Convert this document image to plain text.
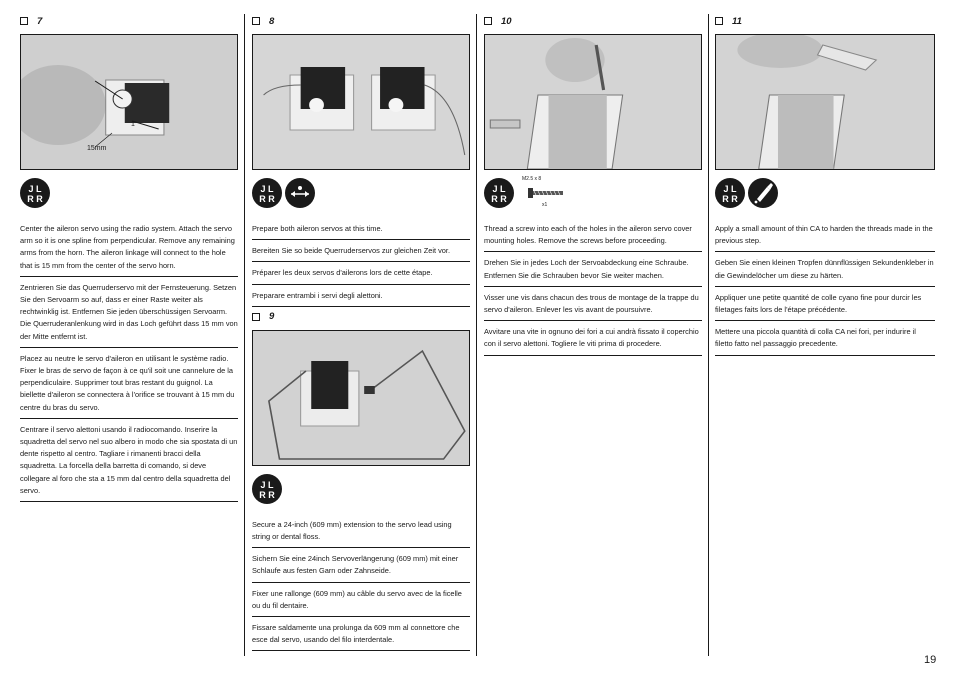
7
1
15mm
J L
R R
Center the aileron servo using the radio system. Attach the servo arm so it is one spline from perpendicular. Remove any remaining arms from the horn. The aileron linkage will connect to the hole that is 15 mm from the center of the servo horn.
Zentrieren Sie das Querruderservo mit der Fernsteuerung. Setzen Sie den Servoarm so auf, dass er einer Raste weiter als rechtwinklig ist. Entfernen Sie jeden überschüssigen Servoarm. Die Querruderanlenkung wird in das Loch geführt dass 15 mm von der Mitte entfernt ist.
Placez au neutre le servo d'aileron en utilisant le système radio. Fixer le bras de servo de façon à ce qu'il soit une cannelure de la perpendiculaire. Supprimer tout bras restant du guignol. La biellette d'aileron se connectera à l'orifice se trouvant à 15 mm du centre du bras du servo.
Centrare il servo alettoni usando il radiocomando. Inserire la squadretta del servo nel suo albero in modo che sia spostata di un dente rispetto al centro. Tagliare i rimanenti bracci della squadretta. La forcella della barretta di comando, si deve collegare al foro che sta a 15 mm dal centro della squadretta del servo.
8
J L
R R
Prepare both aileron servos at this time.
Bereiten Sie so beide Querruderservos zur gleichen Zeit vor.
Préparer les deux servos d'ailerons lors de cette étape.
Preparare entrambi i servi degli alettoni.
9
J L
R R
Secure a 24-inch (609 mm) extension to the servo lead using string or dental floss.
Sichern Sie eine 24inch Servoverlängerung (609 mm) mit einer Schlaufe aus festen Garn oder Zahnseide.
Fixer une rallonge (609 mm) au câble du servo avec de la ficelle ou du fil dentaire.
Fissare saldamente una prolunga da 609 mm al connettore che esce dal servo, usando del filo interdentale.
10
J L
R R
M2.5 x 8
x1
Thread a screw into each of the holes in the aileron servo cover mounting holes. Remove the screws before proceeding.
Drehen Sie in jedes Loch der Servoabdeckung eine Schraube. Entfernen Sie die Schrauben bevor Sie weiter machen.
Visser une vis dans chacun des trous de montage de la trappe du servo d'aileron. Enlever les vis avant de poursuivre.
Avvitare una vite in ognuno dei fori a cui andrà fissato il coperchio con il servo alettoni. Togliere le viti prima di procedere.
11
J L
R R
Apply a small amount of thin CA to harden the threads made in the previous step.
Geben Sie einen kleinen Tropfen dünnflüssigen Sekundenkleber in die Gewindelöcher um diese zu härten.
Appliquer une petite quantité de colle cyano fine pour durcir les filetages faits lors de l'étape précédente.
Mettere una piccola quantità di colla CA nei fori, per indurire il filetto fatto nel passaggio precedente.
19
